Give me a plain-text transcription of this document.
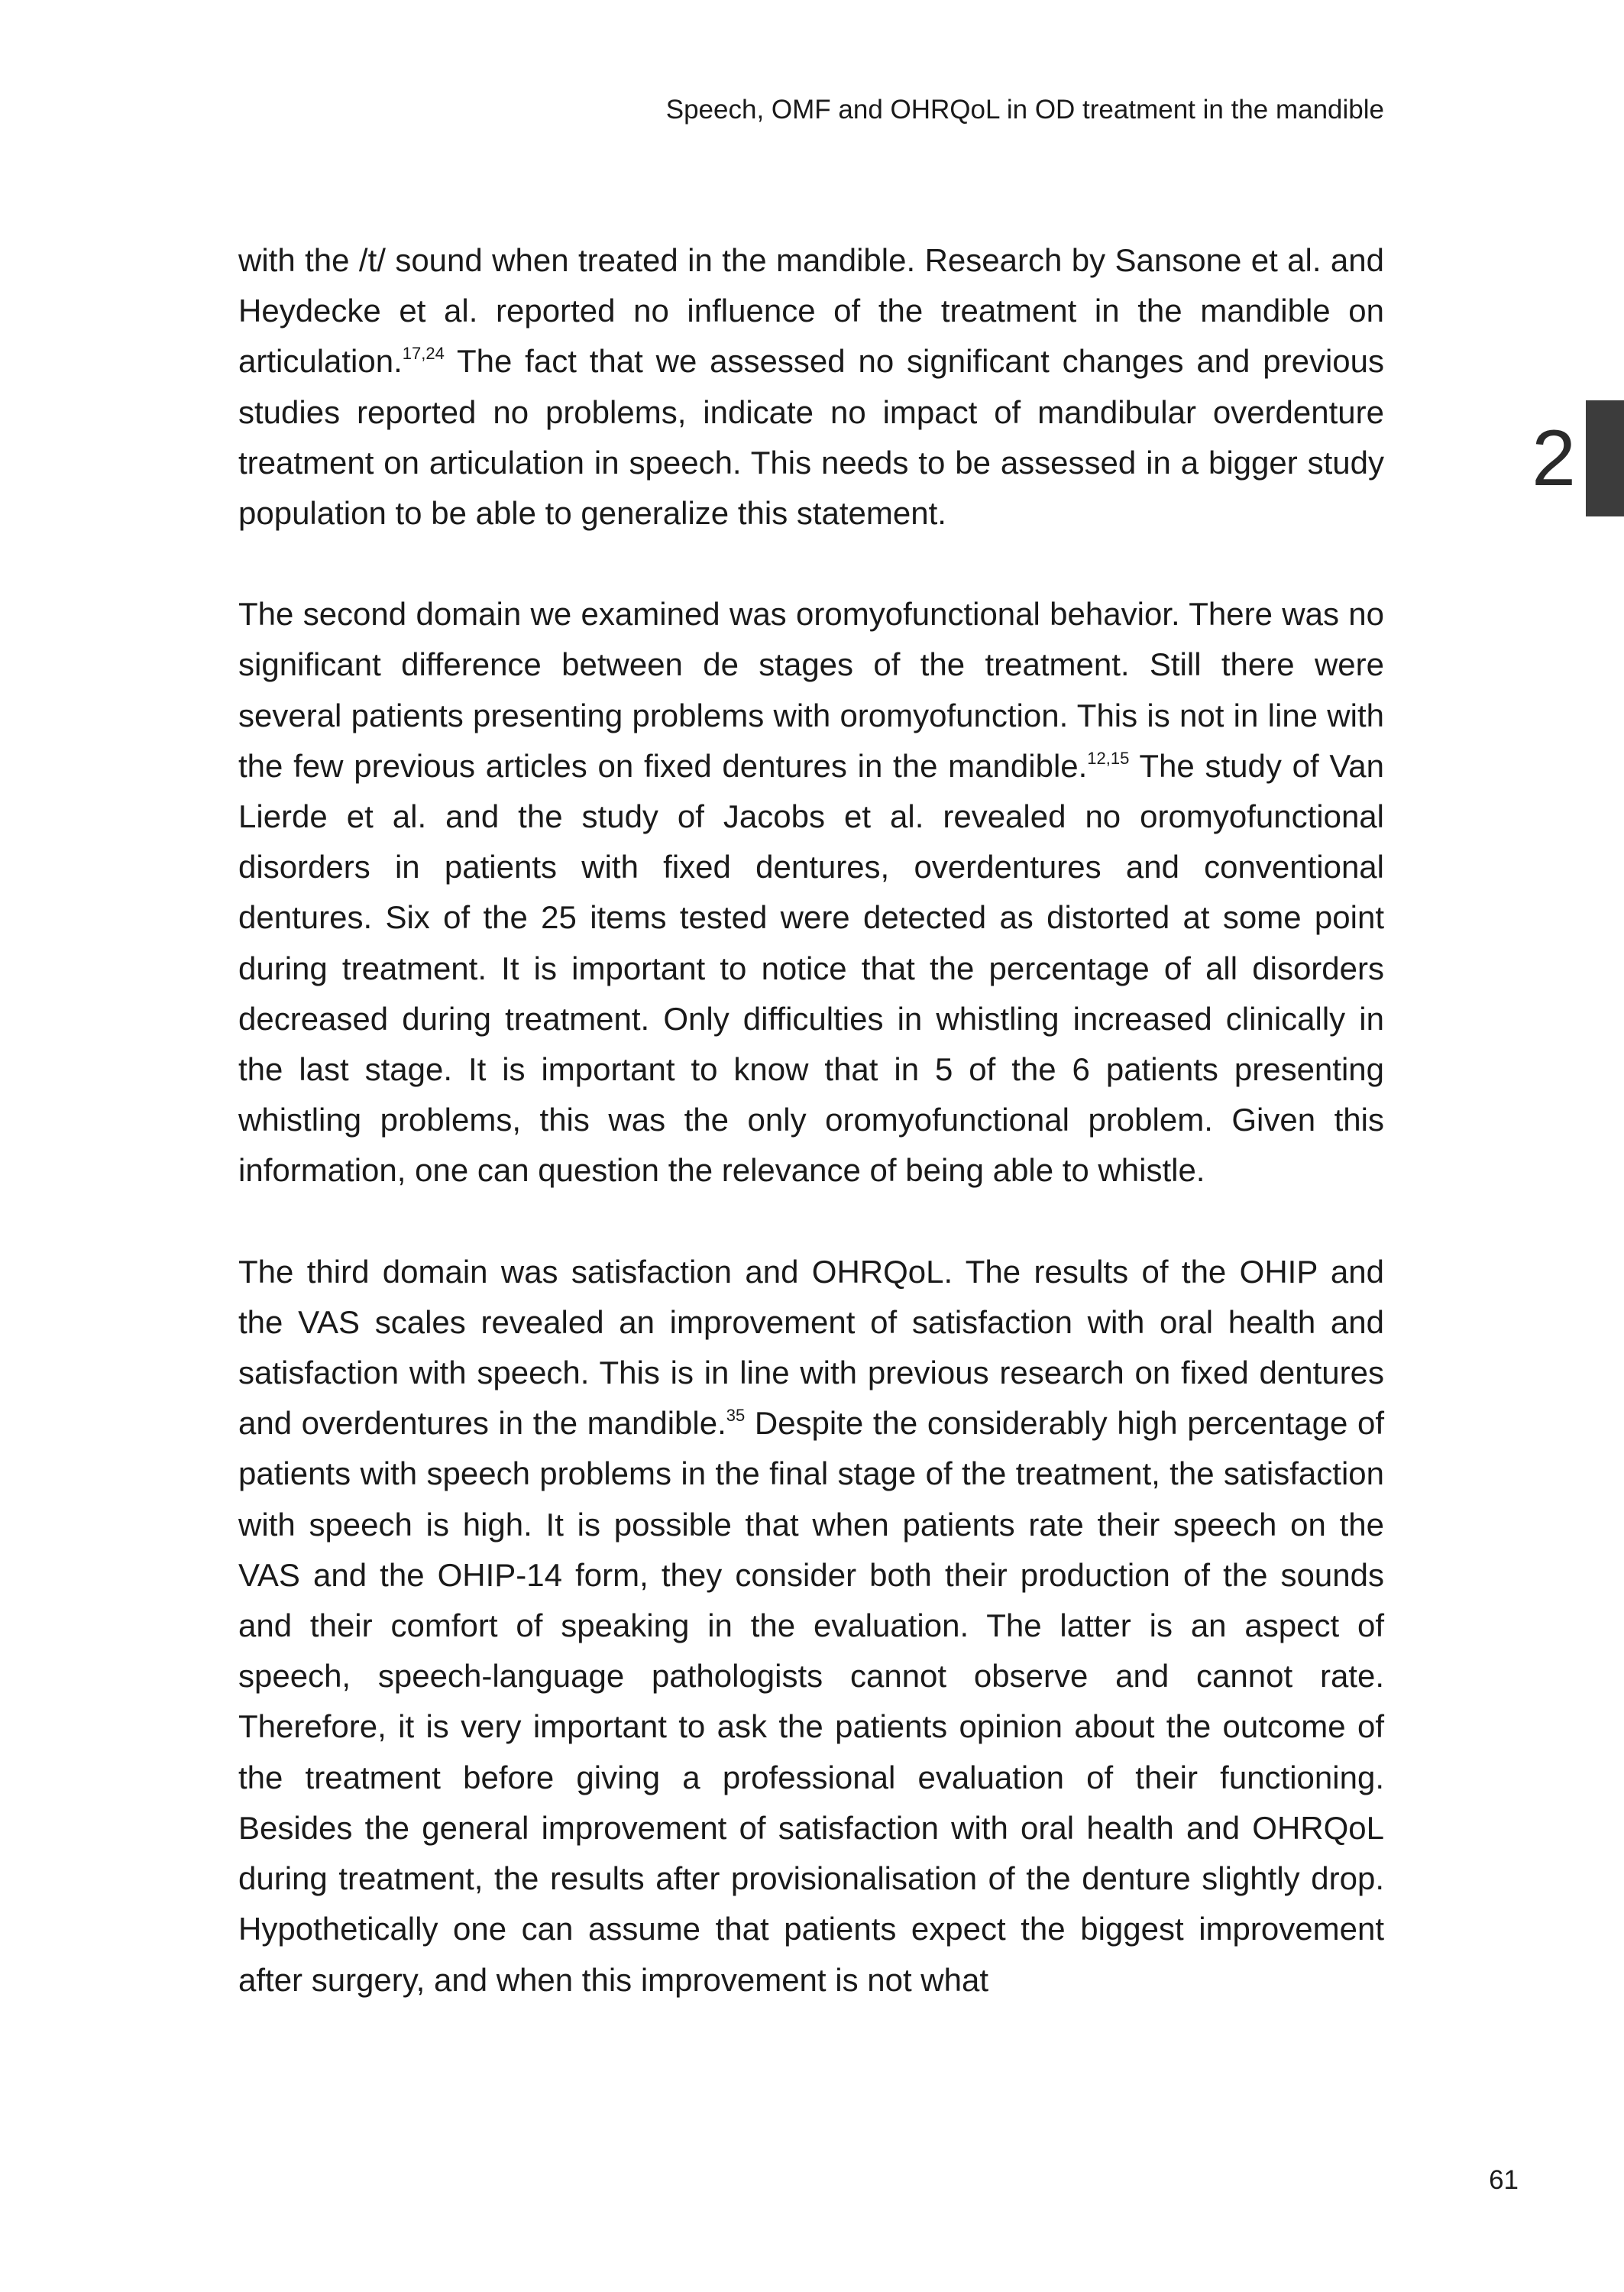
Speech, OMF and OHRQoL in OD treatment in the mandible
2

with the /t/ sound when treated in the mandible. Research by Sansone et al. and Heydecke et al. reported no influence of the treatment in the mandible on articulation.$^{17,24}$ The fact that we assessed no significant changes and previous studies reported no problems, indicate no impact of mandibular overdenture treatment on articulation in speech. This needs to be assessed in a bigger study population to be able to generalize this statement.

The second domain we examined was oromyofunctional behavior. There was no significant difference between de stages of the treatment. Still there were several patients presenting problems with oromyofunction. This is not in line with the few previous articles on fixed dentures in the mandible.$^{12,15}$ The study of Van Lierde et al. and the study of Jacobs et al. revealed no oromyofunctional disorders in patients with fixed dentures, overdentures and conventional dentures. Six of the 25 items tested were detected as distorted at some point during treatment. It is important to notice that the percentage of all disorders decreased during treatment. Only difficulties in whistling increased clinically in the last stage. It is important to know that in 5 of the 6 patients presenting whistling problems, this was the only oromyofunctional problem. Given this information, one can question the relevance of being able to whistle.

The third domain was satisfaction and OHRQoL. The results of the OHIP and the VAS scales revealed an improvement of satisfaction with oral health and satisfaction with speech. This is in line with previous research on fixed dentures and overdentures in the mandible.$^{35}$ Despite the considerably high percentage of patients with speech problems in the final stage of the treatment, the satisfaction with speech is high. It is possible that when patients rate their speech on the VAS and the OHIP-14 form, they consider both their production of the sounds and their comfort of speaking in the evaluation. The latter is an aspect of speech, speech-language pathologists cannot observe and cannot rate. Therefore, it is very important to ask the patients opinion about the outcome of the treatment before giving a professional evaluation of their functioning. Besides the general improvement of satisfaction with oral health and OHRQoL during treatment, the results after provisionalisation of the denture slightly drop. Hypothetically one can assume that patients expect the biggest improvement after surgery, and when this improvement is not what

61
